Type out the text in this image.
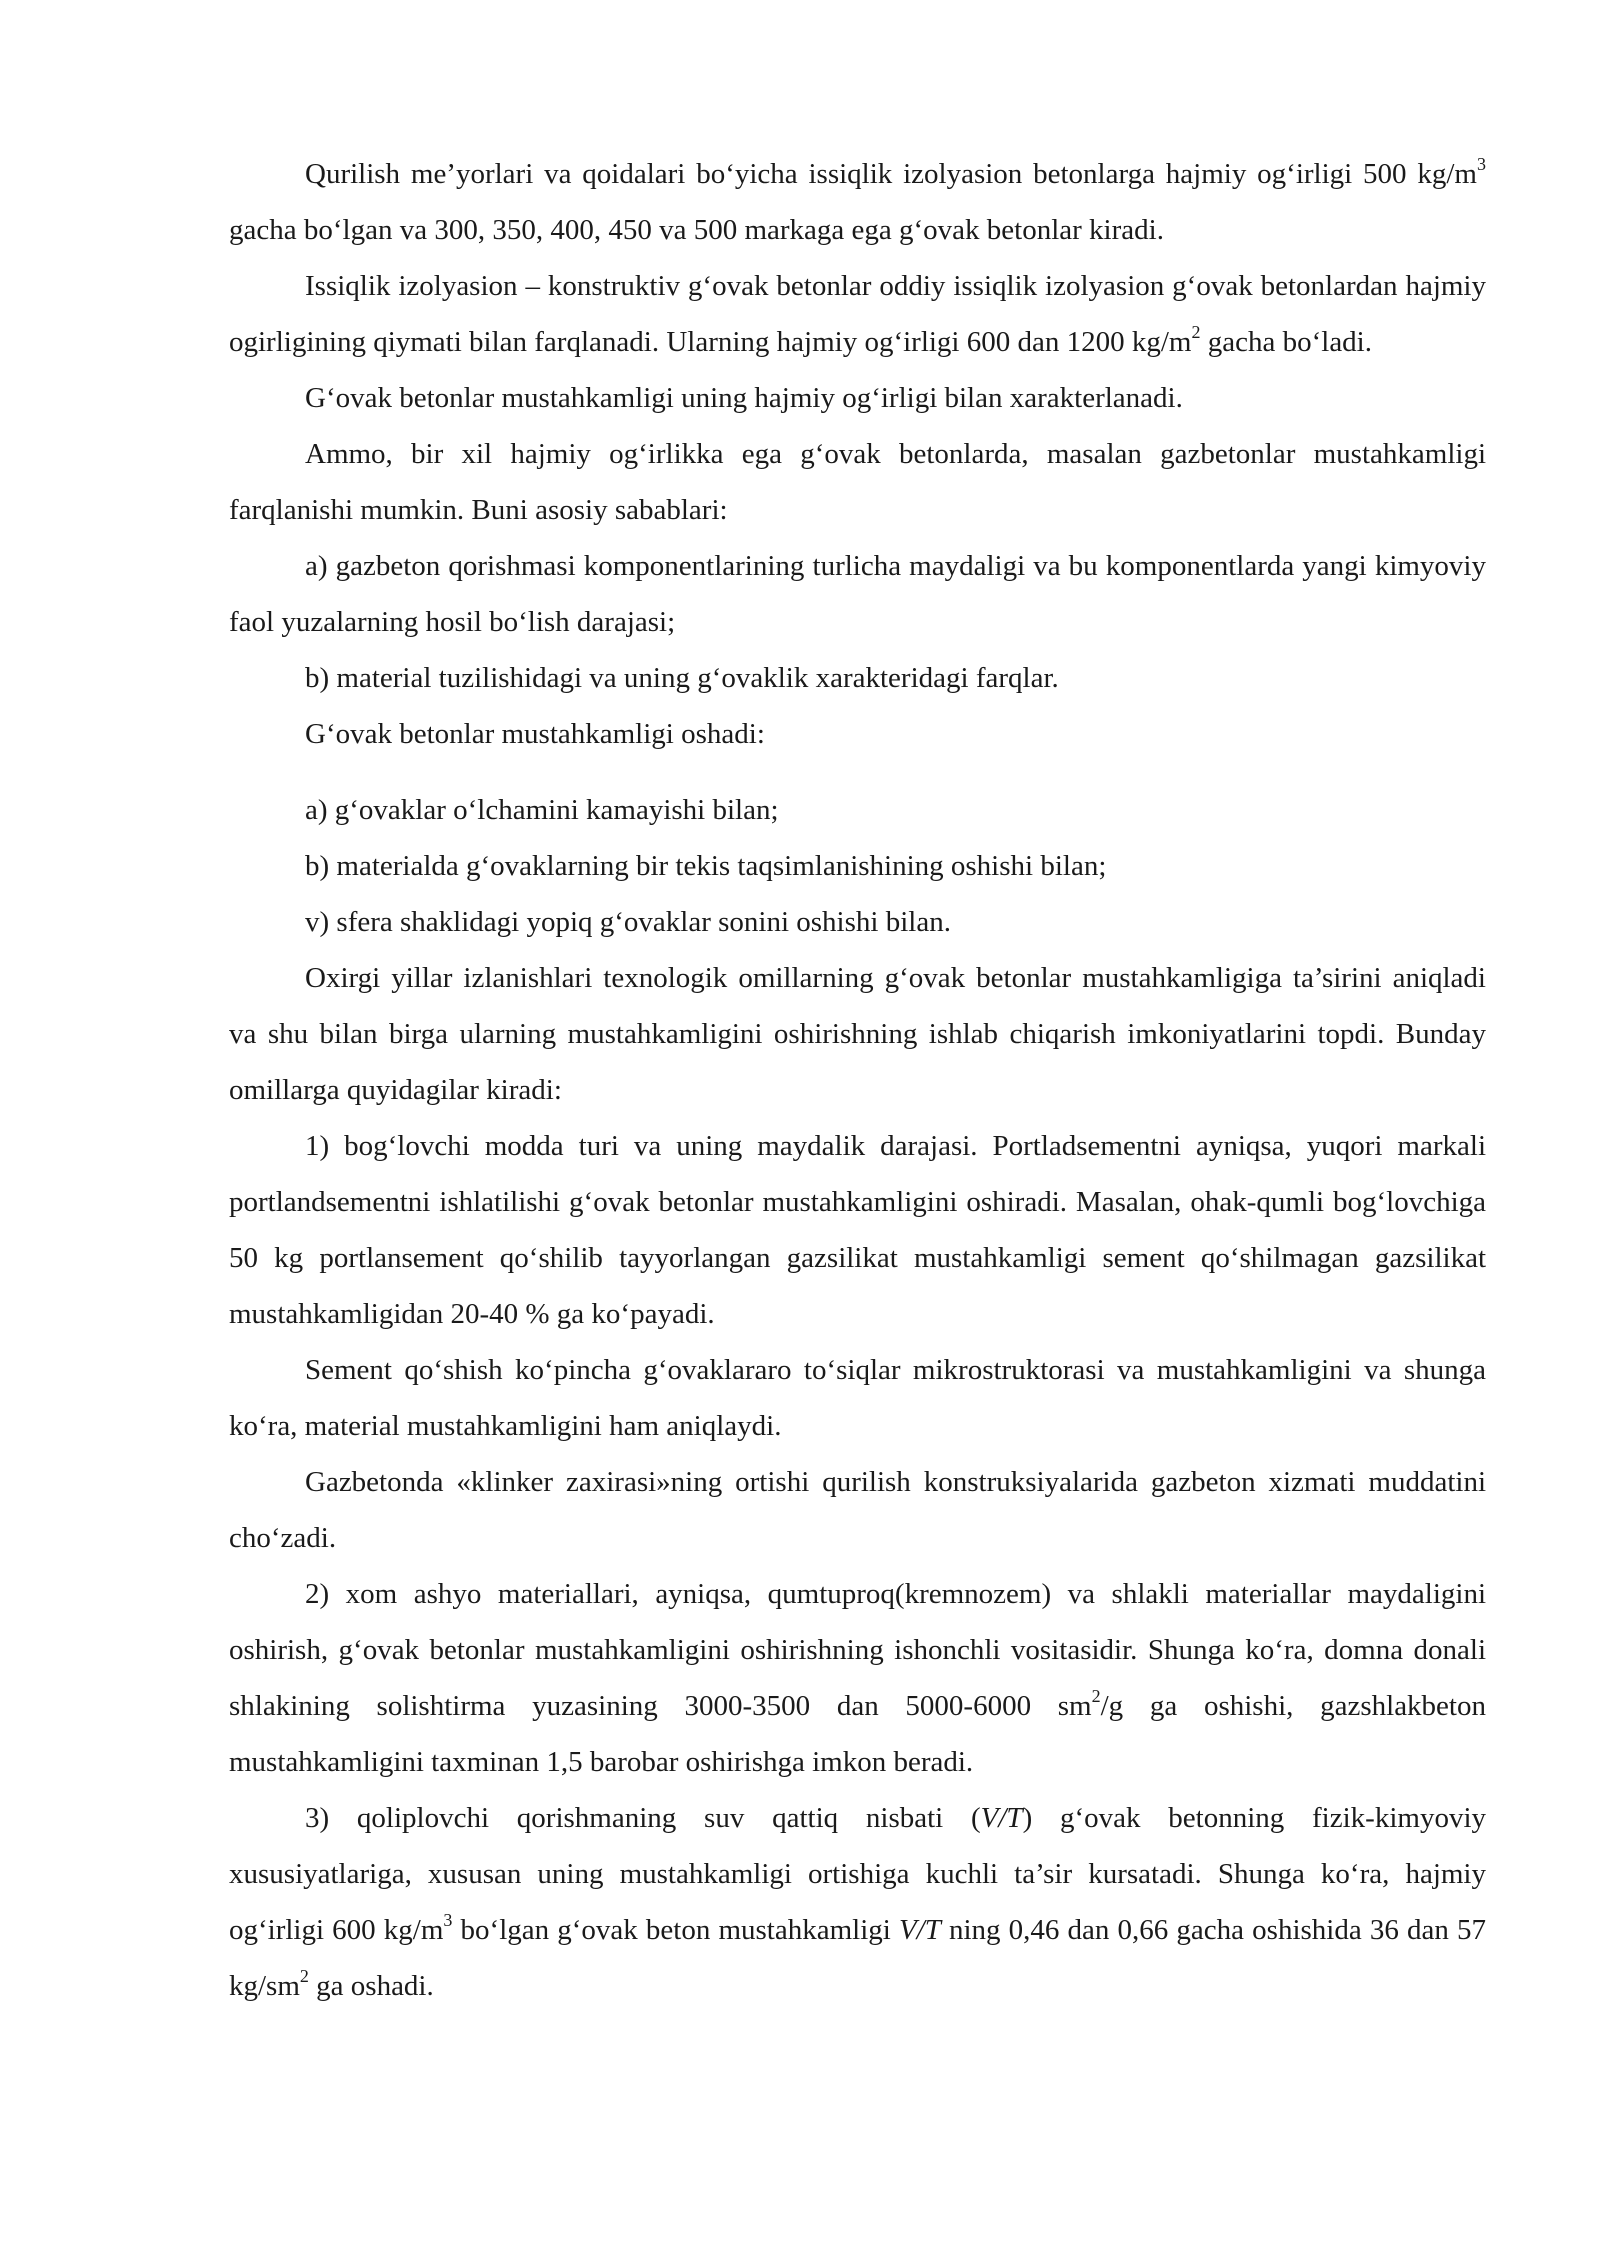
Qurilish me’yorlari va qoidalari bo‘yicha issiqlik izolyasion betonlarga hajmiy og‘irligi 500 $kg/m^3$ gacha bo‘lgan va 300, 350, 400, 450 va 500 markaga ega g‘ovak betonlar kiradi.

Issiqlik izolyasion – konstruktiv g‘ovak betonlar oddiy issiqlik izolyasion g‘ovak betonlardan hajmiy ogirligining qiymati bilan farqlanadi. Ularning hajmiy og‘irligi 600 dan 1200 $kg/m^2$ gacha bo‘ladi.

G‘ovak betonlar mustahkamligi uning hajmiy og‘irligi bilan xarakterlanadi.

Ammo, bir xil hajmiy og‘irlikka ega g‘ovak betonlarda, masalan gazbetonlar mustahkamligi farqlanishi mumkin. Buni asosiy sabablari:

a) gazbeton qorishmasi komponentlarining turlicha maydaligi va bu komponentlarda yangi kimyoviy faol yuzalarning hosil bo‘lish darajasi;

b) material tuzilishidagi va uning g‘ovaklik xarakteridagi farqlar.

G‘ovak betonlar mustahkamligi oshadi:

a) g‘ovaklar o‘lchamini kamayishi bilan;

b) materialda g‘ovaklarning bir tekis taqsimlanishining oshishi bilan;

v) sfera shaklidagi yopiq g‘ovaklar sonini oshishi bilan.

Oxirgi yillar izlanishlari texnologik omillarning g‘ovak betonlar mustahkamligiga ta’sirini aniqladi va shu bilan birga ularning mustahkamligini oshirishning ishlab chiqarish imkoniyatlarini topdi. Bunday omillarga quyidagilar kiradi:

1) bog‘lovchi modda turi va uning maydalik darajasi. Portladsementni ayniqsa, yuqori markali portlandsementni ishlatilishi g‘ovak betonlar mustahkamligini oshiradi. Masalan, ohak-qumli bog‘lovchiga 50 kg portlansement qo‘shilib tayyorlangan gazsilikat mustahkamligi sement qo‘shilmagan gazsilikat mustahkamligidan 20-40 % ga ko‘payadi.

Sement qo‘shish ko‘pincha g‘ovaklararo to‘siqlar mikrostruktorasi va mustahkamligini va shunga ko‘ra, material mustahkamligini ham aniqlaydi.

Gazbetonda «klinker zaxirasi»ning ortishi qurilish konstruksiyalarida gazbeton xizmati muddatini cho‘zadi.

2) xom ashyo materiallari, ayniqsa, qumtuproq(kremnozem) va shlakli materiallar maydaligini oshirish, g‘ovak betonlar mustahkamligini oshirishning ishonchli vositasidir. Shunga ko‘ra, domna donali shlakining solishtirma yuzasining 3000-3500 dan 5000-6000 $sm^2/g$ ga oshishi, gazshlakbeton mustahkamligini taxminan 1,5 barobar oshirishga imkon beradi.

3) qoliplovchi qorishmaning suv qattiq nisbati (V/T) g‘ovak betonning fizik-kimyoviy xususiyatlariga, xususan uning mustahkamligi ortishiga kuchli ta’sir kursatadi. Shunga ko‘ra, hajmiy og‘irligi 600 $kg/m^3$ bo‘lgan g‘ovak beton mustahkamligi V/T ning 0,46 dan 0,66 gacha oshishida 36 dan 57 $kg/sm^2$ ga oshadi.
